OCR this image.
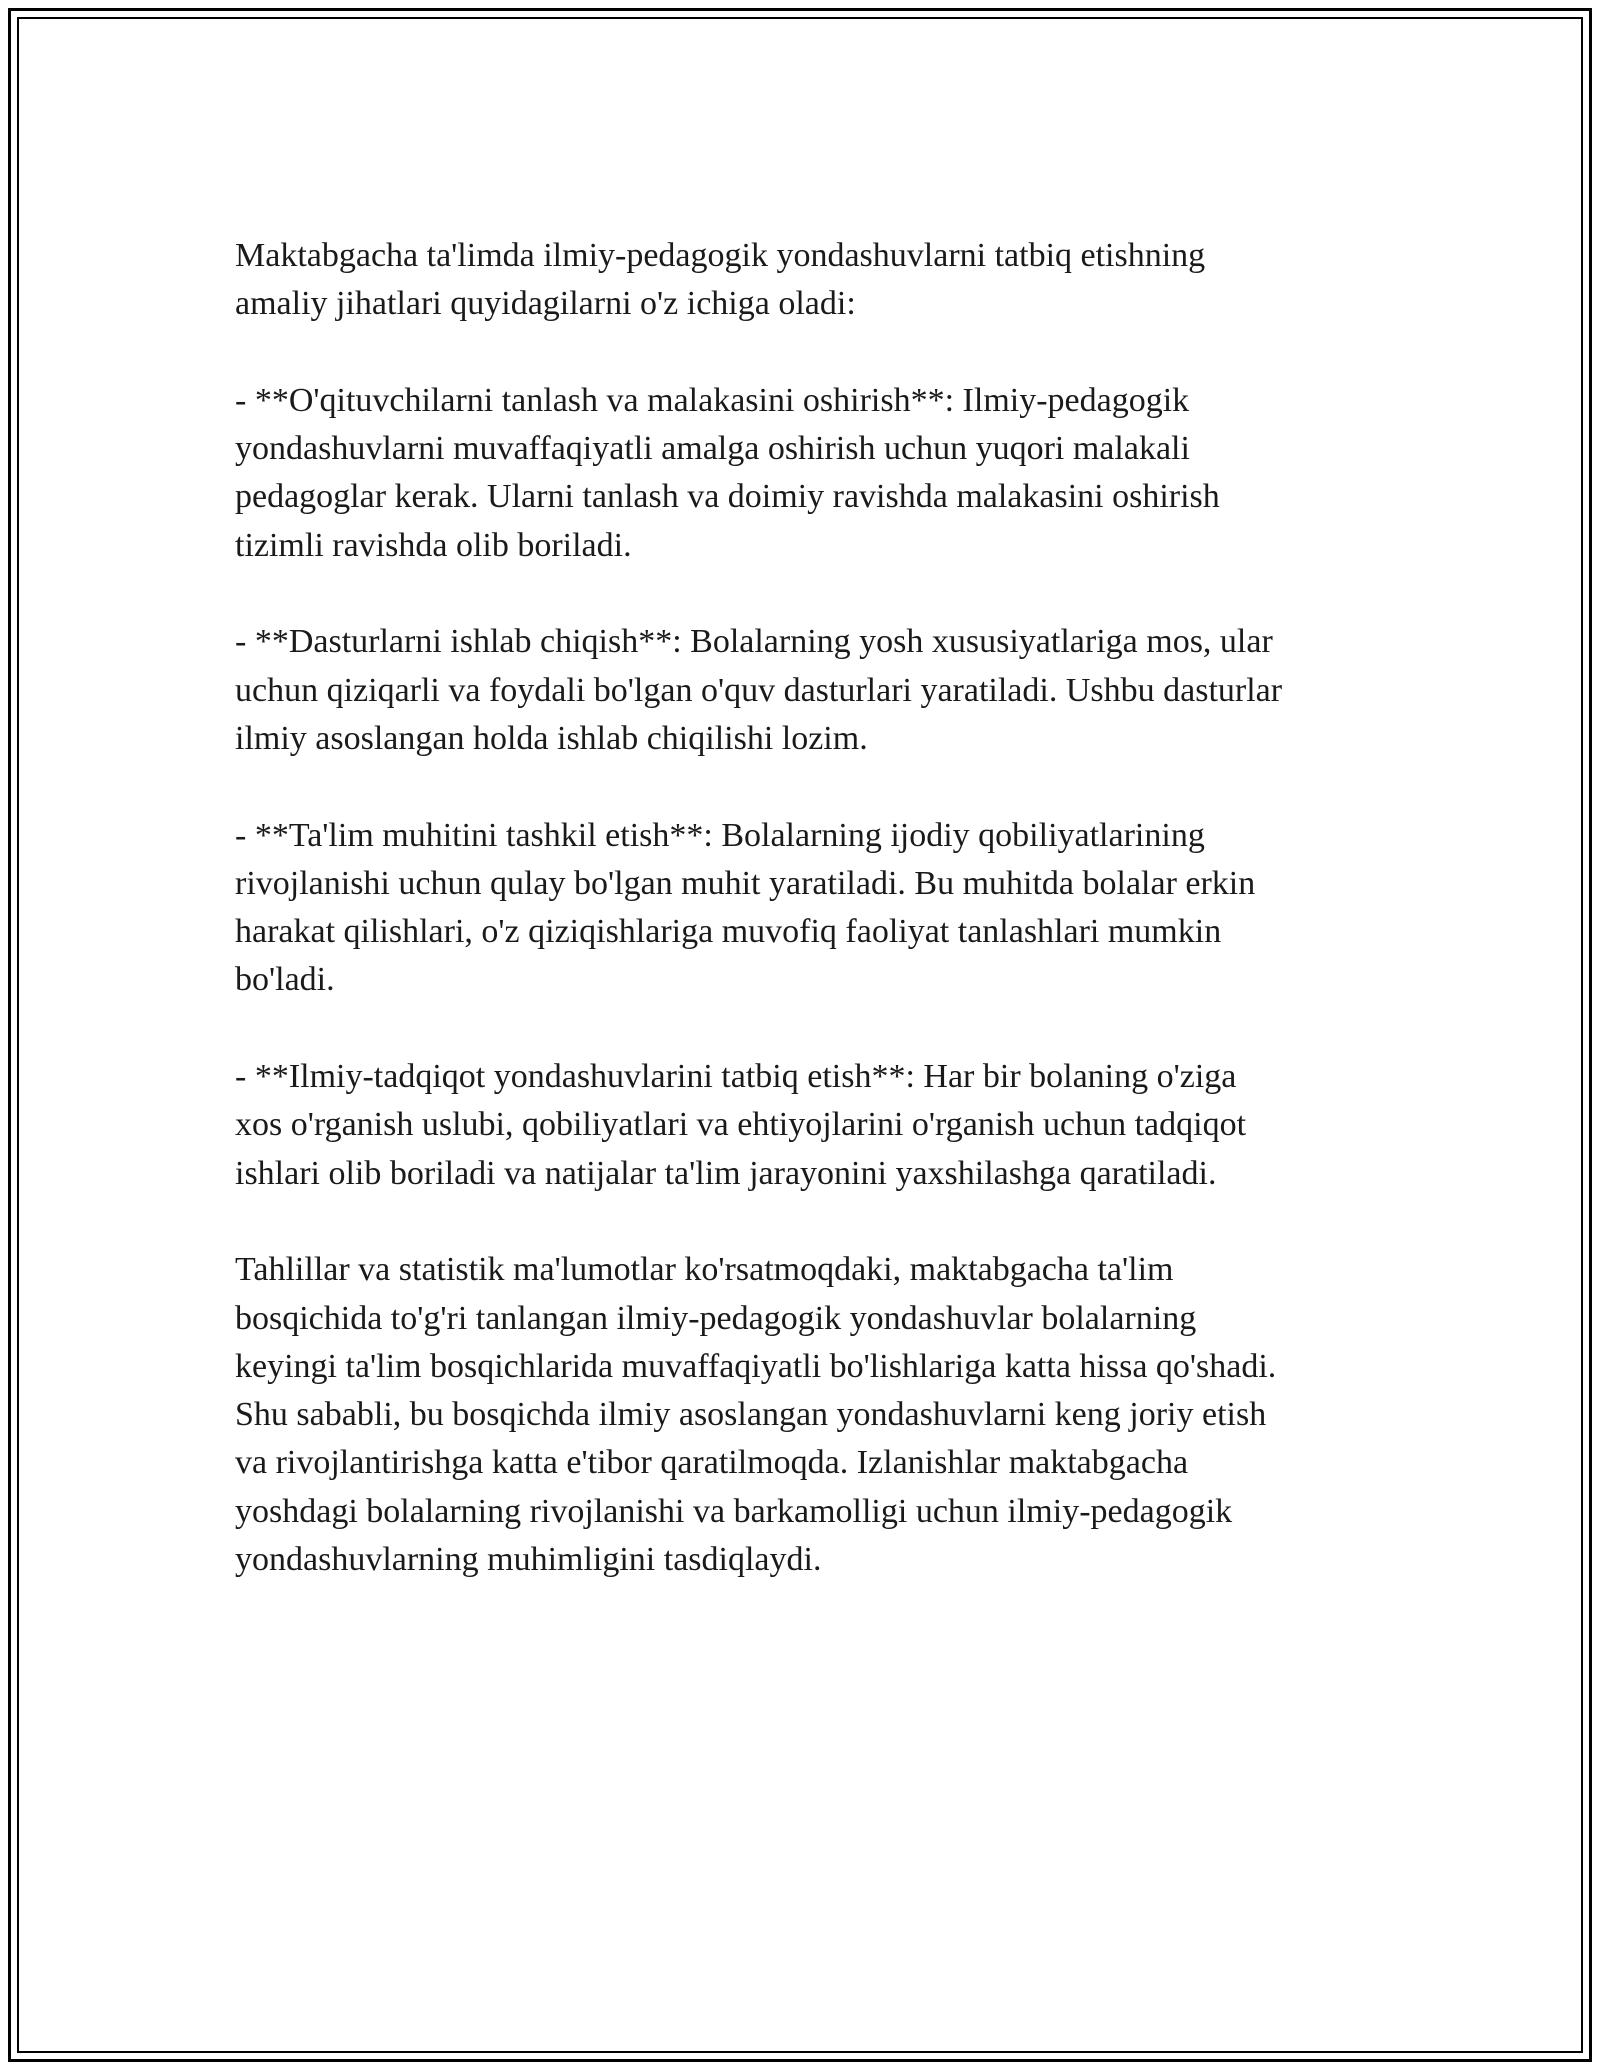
Maktabgacha ta'limda ilmiy-pedagogik yondashuvlarni tatbiq etishning
amaliy jihatlari quyidagilarni o'z ichiga oladi:

- **O'qituvchilarni tanlash va malakasini oshirish**: Ilmiy-pedagogik
yondashuvlarni muvaffaqiyatli amalga oshirish uchun yuqori malakali
pedagoglar kerak. Ularni tanlash va doimiy ravishda malakasini oshirish
tizimli ravishda olib boriladi.

- **Dasturlarni ishlab chiqish**: Bolalarning yosh xususiyatlariga mos, ular
uchun qiziqarli va foydali bo'lgan o'quv dasturlari yaratiladi. Ushbu dasturlar
ilmiy asoslangan holda ishlab chiqilishi lozim.

- **Ta'lim muhitini tashkil etish**: Bolalarning ijodiy qobiliyatlarining
rivojlanishi uchun qulay bo'lgan muhit yaratiladi. Bu muhitda bolalar erkin
harakat qilishlari, o'z qiziqishlariga muvofiq faoliyat tanlashlari mumkin
bo'ladi.

- **Ilmiy-tadqiqot yondashuvlarini tatbiq etish**: Har bir bolaning o'ziga
xos o'rganish uslubi, qobiliyatlari va ehtiyojlarini o'rganish uchun tadqiqot
ishlari olib boriladi va natijalar ta'lim jarayonini yaxshilashga qaratiladi.

Tahlillar va statistik ma'lumotlar ko'rsatmoqdaki, maktabgacha ta'lim
bosqichida to'g'ri tanlangan ilmiy-pedagogik yondashuvlar bolalarning
keyingi ta'lim bosqichlarida muvaffaqiyatli bo'lishlariga katta hissa qo'shadi.
Shu sababli, bu bosqichda ilmiy asoslangan yondashuvlarni keng joriy etish
va rivojlantirishga katta e'tibor qaratilmoqda. Izlanishlar maktabgacha
yoshdagi bolalarning rivojlanishi va barkamolligi uchun ilmiy-pedagogik
yondashuvlarning muhimligini tasdiqlaydi.
